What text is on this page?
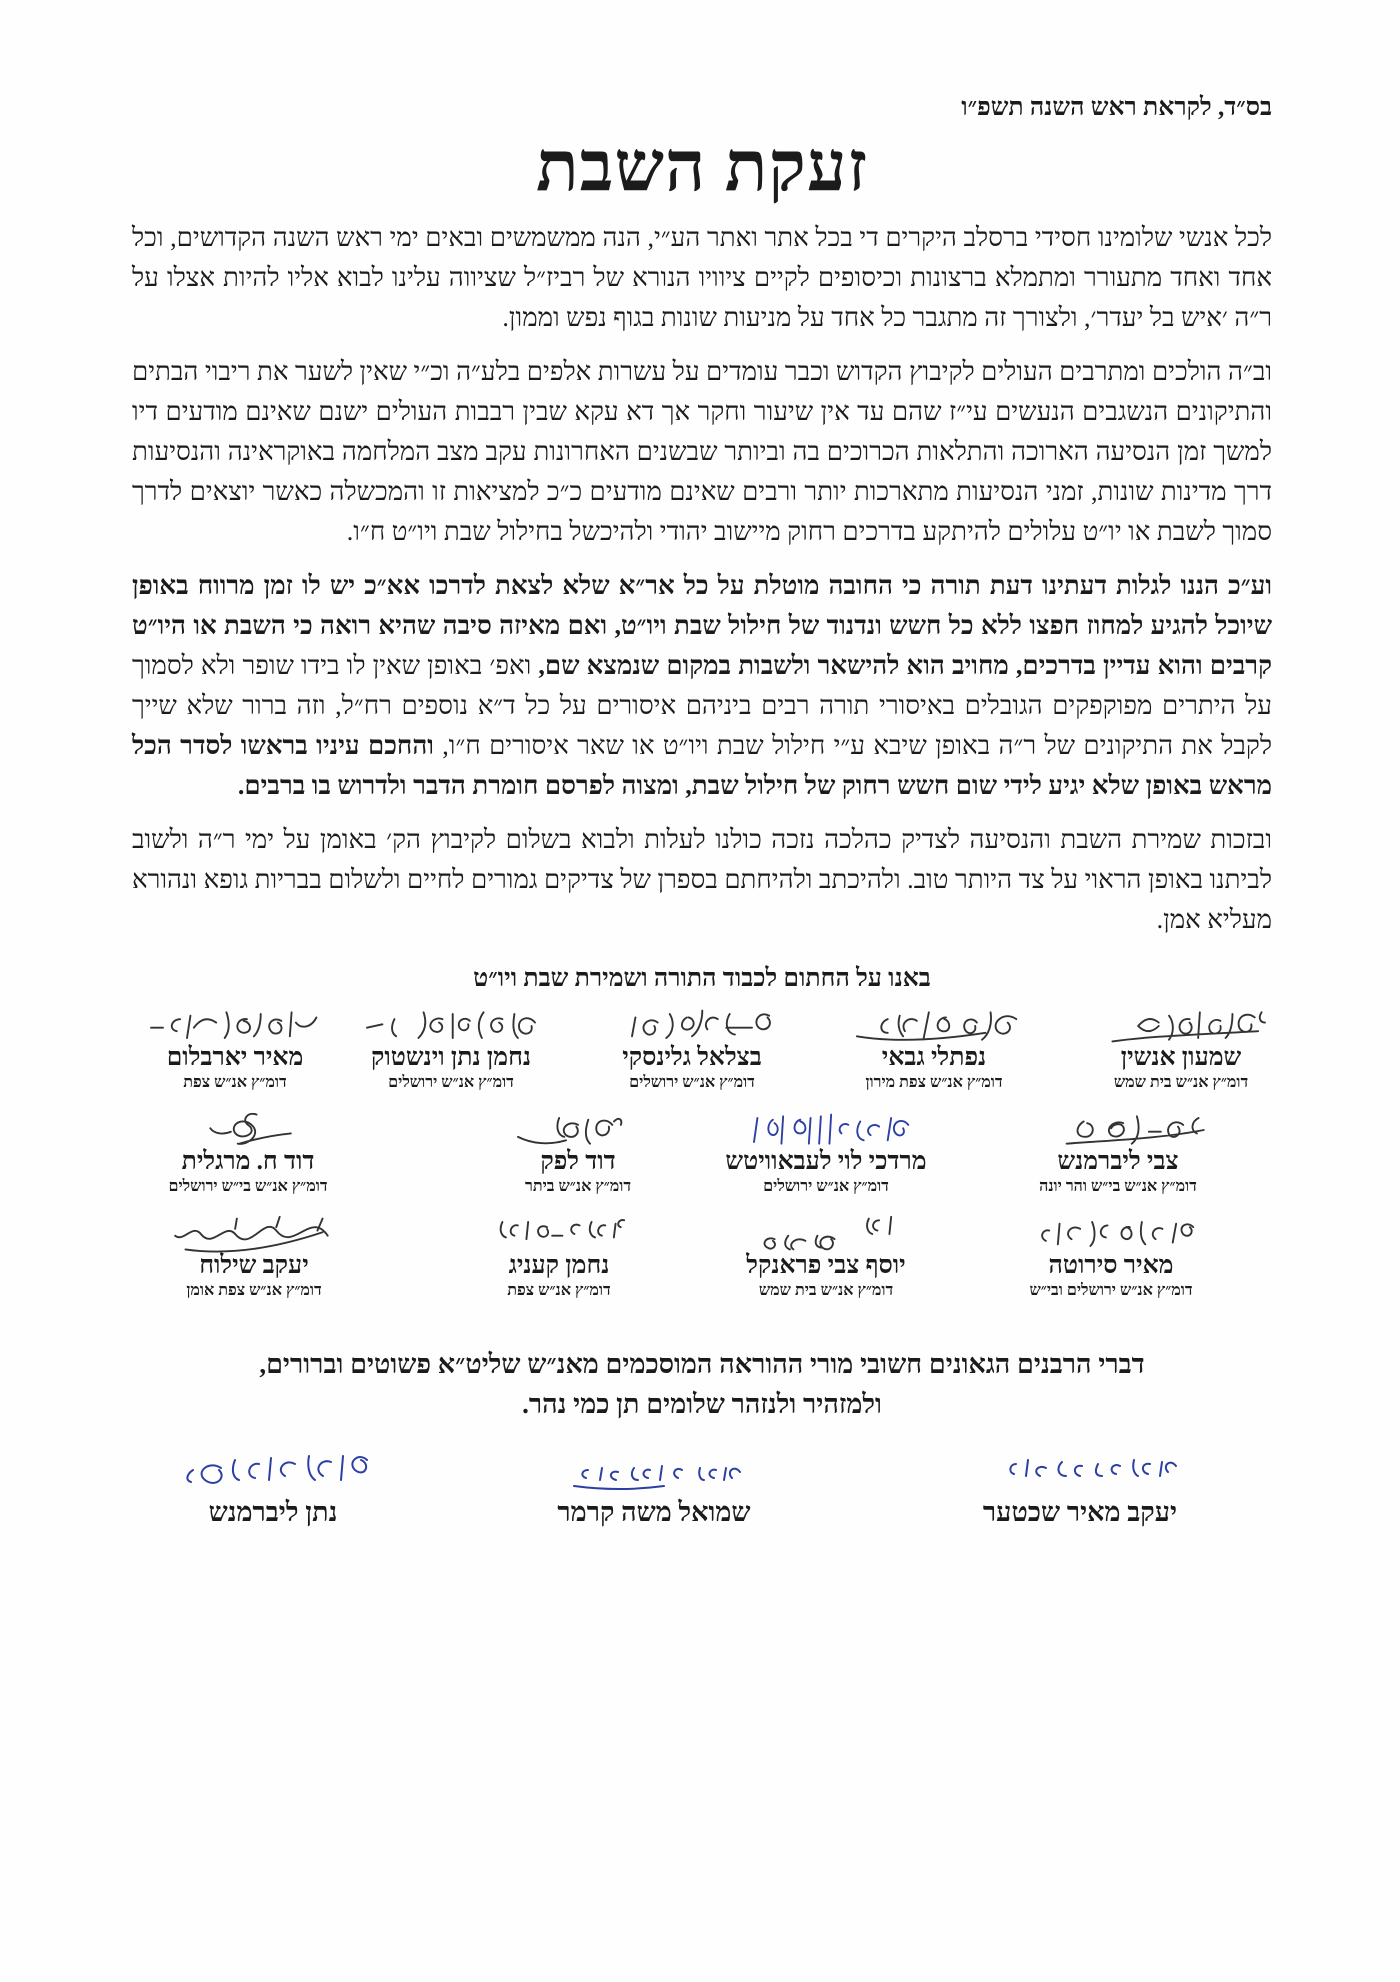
בס״ד, לקראת ראש השנה תשפ״ו
זעקת השבת

לכל אנשי שלומינו חסידי ברסלב היקרים די בכל אתר ואתר הע״י, הנה ממשמשים ובאים ימי ראש השנה הקדושים, וכל אחד ואחד מתעורר ומתמלא ברצונות וכיסופים לקיים ציוויו הנורא של רביז״ל שציווה עלינו לבוא אליו להיות אצלו על ר״ה ׳איש בל יעדר׳, ולצורך זה מתגבר כל אחד על מניעות שונות בגוף נפש וממון.

וב״ה הולכים ומתרבים העולים לקיבוץ הקדוש וכבר עומדים על עשרות אלפים בלע״ה וכ״י שאין לשער את ריבוי הבתים והתיקונים הנשגבים הנעשים עי״ז שהם עד אין שיעור וחקר אך דא עקא שבין רבבות העולים ישנם שאינם מודעים דיו למשך זמן הנסיעה הארוכה והתלאות הכרוכים בה וביותר שבשנים האחרונות עקב מצב המלחמה באוקראינה והנסיעות דרך מדינות שונות, זמני הנסיעות מתארכות יותר ורבים שאינם מודעים כ״כ למציאות זו והמכשלה כאשר יוצאים לדרך סמוך לשבת או יו״ט עלולים להיתקע בדרכים רחוק מיישוב יהודי ולהיכשל בחילול שבת ויו״ט ח״ו.

וע״כ הננו לגלות דעתינו דעת תורה כי החובה מוטלת על כל אר״א שלא לצאת לדרכו אא״כ יש לו זמן מרווח באופן שיוכל להגיע למחוז חפצו ללא כל חשש ונדנוד של חילול שבת ויו״ט, ואם מאיזה סיבה שהיא רואה כי השבת או היו״ט קרבים והוא עדיין בדרכים, מחויב הוא להישאר ולשבות במקום שנמצא שם, ואפ׳ באופן שאין לו בידו שופר ולא לסמוך על היתרים מפוקפקים הגובלים באיסורי תורה רבים ביניהם איסורים על כל ד״א נוספים רח״ל, וזה ברור שלא שייך לקבל את התיקונים של ר״ה באופן שיבא ע״י חילול שבת ויו״ט או שאר איסורים ח״ו, והחכם עיניו בראשו לסדר הכל מראש באופן שלא יגיע לידי שום חשש רחוק של חילול שבת, ומצוה לפרסם חומרת הדבר ולדרוש בו ברבים.

ובזכות שמירת השבת והנסיעה לצדיק כהלכה נזכה כולנו לעלות ולבוא בשלום לקיבוץ הק׳ באומן על ימי ר״ה ולשוב לביתנו באופן הראוי על צד היותר טוב. ולהיכתב ולהיחתם בספרן של צדיקים גמורים לחיים ולשלום בבריות גופא ונהורא מעליא אמן.

באנו על החתום לכבוד התורה ושמירת שבת ויו״ט
שמעון אנשין
דומ״ץ אנ״ש בית שמש
נפתלי גבאי
דומ״ץ אנ״ש צפת מירון
בצלאל גלינסקי
דומ״ץ אנ״ש ירושלים
נחמן נתן וינשטוק
דומ״ץ אנ״ש ירושלים
מאיר יארבלום
דומ״ץ אנ״ש צפת
צבי ליברמנש
דומ״ץ אנ״ש בי״ש והר יונה
מרדכי לוי לעבאוויטש
דומ״ץ אנ״ש ירושלים
דוד לפק
דומ״ץ אנ״ש ביתר
דוד ח. מרגלית
דומ״ץ אנ״ש בי״ש ירושלים
מאיר סירוטה
דומ״ץ אנ״ש ירושלים ובי״ש
יוסף צבי פראנקל
דומ״ץ אנ״ש בית שמש
נחמן קעניג
דומ״ץ אנ״ש צפת
יעקב שילוח
דומ״ץ אנ״ש צפת אומן
דברי הרבנים הגאונים חשובי מורי ההוראה המוסכמים מאנ״ש שליט״א פשוטים וברורים,
ולמזהיר ולנזהר שלומים תן כמי נהר.
יעקב מאיר שכטער
שמואל משה קרמר
נתן ליברמנש
